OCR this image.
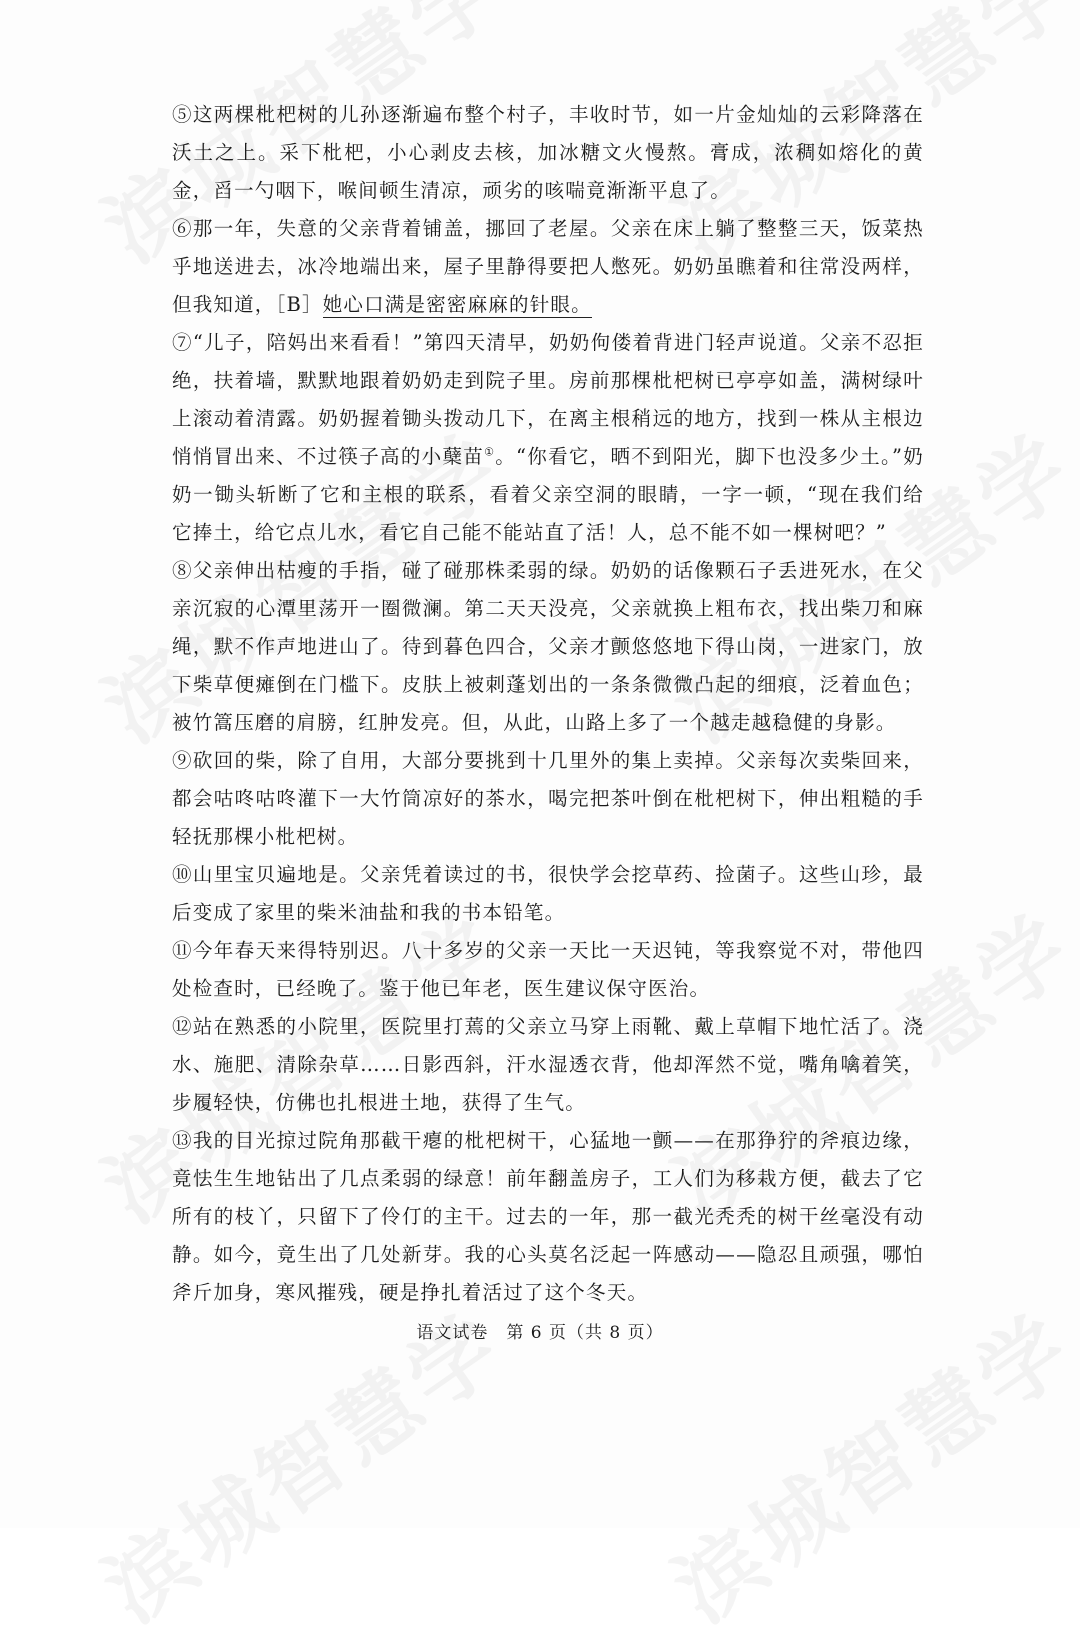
⑤这两棵枇杷树的儿孙逐渐遍布整个村子，丰收时节，如一片金灿灿的云彩降落在沃土之上。采下枇杷，小心剥皮去核，加冰糖文火慢熬。膏成，浓稠如熔化的黄金，舀一勺咽下，喉间顿生清凉，顽劣的咳喘竟渐渐平息了。

⑥那一年，失意的父亲背着铺盖，挪回了老屋。父亲在床上躺了整整三天，饭菜热乎地送进去，冰冷地端出来，屋子里静得要把人憋死。奶奶虽瞧着和往常没两样，但我知道，［B］她心口满是密密麻麻的针眼。

⑦“儿子，陪妈出来看看！”第四天清早，奶奶佝偻着背进门轻声说道。父亲不忍拒绝，扶着墙，默默地跟着奶奶走到院子里。房前那棵枇杷树已亭亭如盖，满树绿叶上滚动着清露。奶奶握着锄头拨动几下，在离主根稍远的地方，找到一株从主根边悄悄冒出来、不过筷子高的小蘖苗①。“你看它，晒不到阳光，脚下也没多少土。”奶奶一锄头斩断了它和主根的联系，看着父亲空洞的眼睛，一字一顿，“现在我们给它捧土，给它点儿水，看它自己能不能站直了活！人，总不能不如一棵树吧？”

⑧父亲伸出枯瘦的手指，碰了碰那株柔弱的绿。奶奶的话像颗石子丢进死水，在父亲沉寂的心潭里荡开一圈微澜。第二天天没亮，父亲就换上粗布衣，找出柴刀和麻绳，默不作声地进山了。待到暮色四合，父亲才颤悠悠地下得山岗，一进家门，放下柴草便瘫倒在门槛下。皮肤上被刺蓬划出的一条条微微凸起的细痕，泛着血色；被竹篙压磨的肩膀，红肿发亮。但，从此，山路上多了一个越走越稳健的身影。

⑨砍回的柴，除了自用，大部分要挑到十几里外的集上卖掉。父亲每次卖柴回来，都会咕咚咕咚灌下一大竹筒凉好的茶水，喝完把茶叶倒在枇杷树下，伸出粗糙的手轻抚那棵小枇杷树。

⑩山里宝贝遍地是。父亲凭着读过的书，很快学会挖草药、捡菌子。这些山珍，最后变成了家里的柴米油盐和我的书本铅笔。

⑪今年春天来得特别迟。八十多岁的父亲一天比一天迟钝，等我察觉不对，带他四处检查时，已经晚了。鉴于他已年老，医生建议保守医治。

⑫站在熟悉的小院里，医院里打蔫的父亲立马穿上雨靴、戴上草帽下地忙活了。浇水、施肥、清除杂草……日影西斜，汗水湿透衣背，他却浑然不觉，嘴角噙着笑，步履轻快，仿佛也扎根进土地，获得了生气。

⑬我的目光掠过院角那截干瘪的枇杷树干，心猛地一颤——在那狰狞的斧痕边缘，竟怯生生地钻出了几点柔弱的绿意！前年翻盖房子，工人们为移栽方便，截去了它所有的枝丫，只留下了伶仃的主干。过去的一年，那一截光秃秃的树干丝毫没有动静。如今，竟生出了几处新芽。我的心头莫名泛起一阵感动——隐忍且顽强，哪怕斧斤加身，寒风摧残，硬是挣扎着活过了这个冬天。

语文试卷　第 6 页（共 8 页）
